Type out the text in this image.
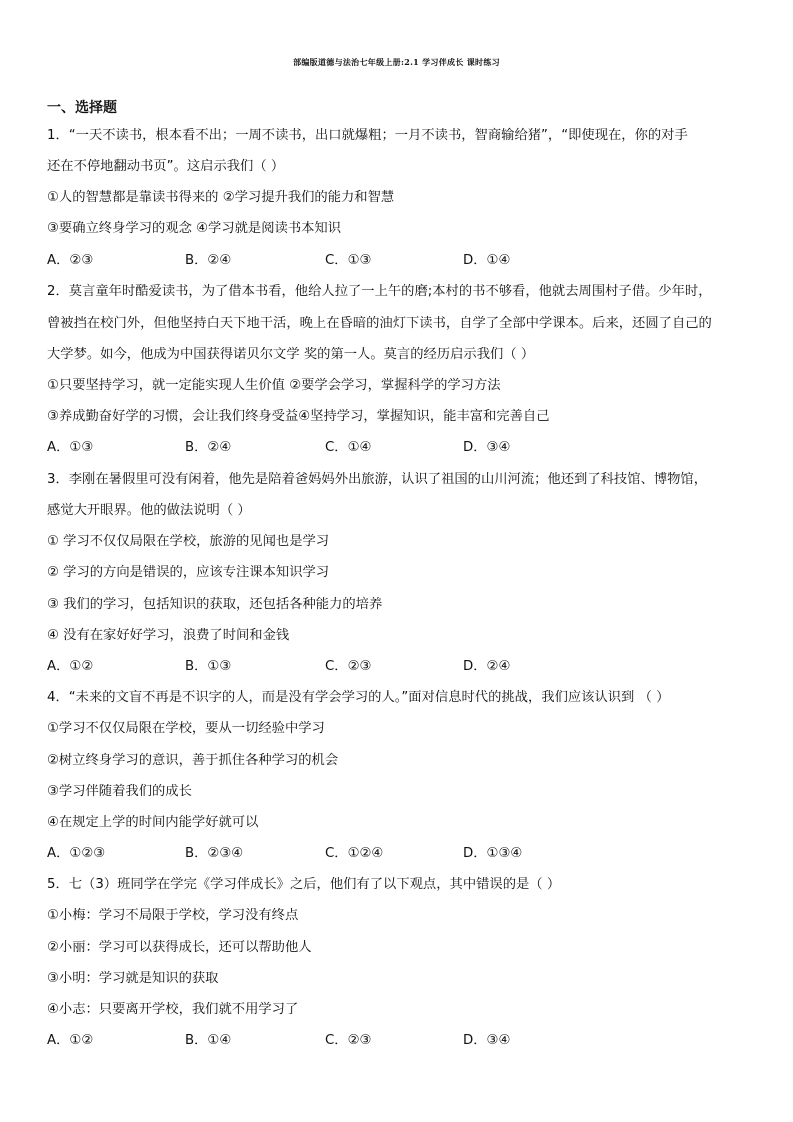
部编版道德与法治七年级上册:2.1 学习伴成长 课时练习
一、选择题
1．“一天不读书，根本看不出；一周不读书，出口就爆粗；一月不读书，智商输给猪”，“即使现在，你的对手
还在不停地翻动书页”。这启示我们（ ）
①人的智慧都是靠读书得来的 ②学习提升我们的能力和智慧
③要确立终身学习的观念 ④学习就是阅读书本知识
A．②③	B．②④	C．①③	D．①④
2．莫言童年时酷爱读书，为了借本书看，他给人拉了一上午的磨;本村的书不够看，他就去周围村子借。少年时，
曾被挡在校门外，但他坚持白天下地干活，晚上在昏暗的油灯下读书，自学了全部中学课本。后来，还圆了自己的
大学梦。如今，他成为中国获得诺贝尔文学 奖的第一人。莫言的经历启示我们（ ）
①只要坚持学习，就一定能实现人生价值 ②要学会学习，掌握科学的学习方法
③养成勤奋好学的习惯，会让我们终身受益④坚持学习，掌握知识，能丰富和完善自己
A．①③	B．②④	C．①④	D．③④
3．李刚在暑假里可没有闲着，他先是陪着爸妈妈外出旅游，认识了祖国的山川河流；他还到了科技馆、博物馆，
感觉大开眼界。他的做法说明（ ）
① 学习不仅仅局限在学校，旅游的见闻也是学习
② 学习的方向是错误的，应该专注课本知识学习
③ 我们的学习，包括知识的获取，还包括各种能力的培养
④ 没有在家好好学习，浪费了时间和金钱
A．①②	B．①③	C．②③	D．②④
4．“未来的文盲不再是不识字的人，而是没有学会学习的人。”面对信息时代的挑战，我们应该认识到 （ ）
①学习不仅仅局限在学校，要从一切经验中学习
②树立终身学习的意识，善于抓住各种学习的机会
③学习伴随着我们的成长
④在规定上学的时间内能学好就可以
A．①②③	B．②③④	C．①②④	D．①③④
5．七（3）班同学在学完《学习伴成长》之后，他们有了以下观点，其中错误的是（ ）
①小梅：学习不局限于学校，学习没有终点
②小丽：学习可以获得成长，还可以帮助他人
③小明：学习就是知识的获取
④小志：只要离开学校，我们就不用学习了
A．①②	B．①④	C．②③	D．③④
